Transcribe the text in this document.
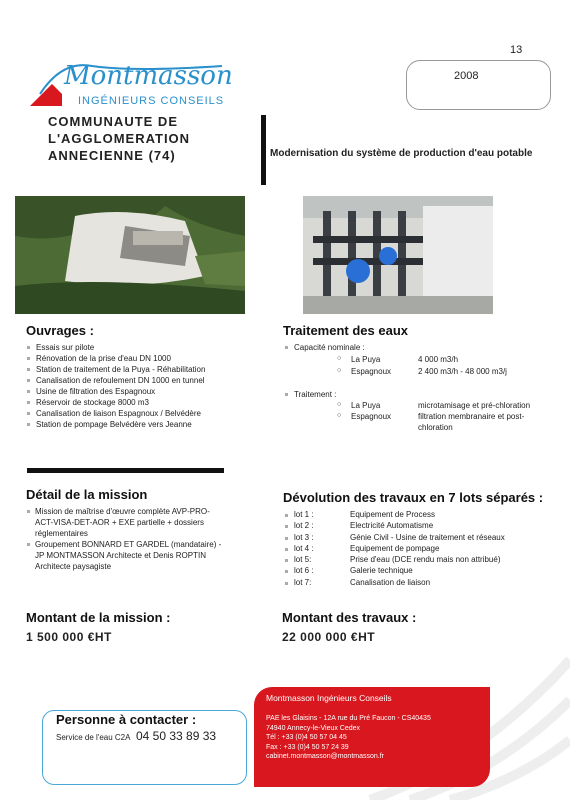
13
2008
Montmasson
INGÉNIEURS CONSEILS
COMMUNAUTE DE
L'AGGLOMERATION
ANNECIENNE (74)	Modernisation du système de production d'eau potable
Ouvrages :
Essais sur pilote
Rénovation de la prise d'eau DN 1000
Station de traitement de la Puya - Réhabilitation
Canalisation de refoulement DN 1000 en tunnel
Usine de filtration des Espagnoux
Réservoir de stockage 8000 m3
Canalisation de liaison Espagnoux / Belvédère
Station de pompage Belvédère vers Jeanne
Traitement des eaux
Capacité nominale :
○ La Puya	4 000 m3/h
○ Espagnoux	2 400 m3/h - 48 000 m3/j
Traitement :
○ La Puya	microtamisage et pré-chloration
○ Espagnoux	filtration membranaire et post-
chloration
Détail de la mission
Mission de maîtrise d'œuvre complète AVP-PRO-
ACT-VISA-DET-AOR + EXE partielle + dossiers
réglementaires
Groupement BONNARD ET GARDEL (mandataire) -
JP MONTMASSON Architecte et Denis ROPTIN
Architecte paysagiste
Dévolution des travaux en 7 lots séparés :
lot 1 :	Equipement de Process
lot 2 :	Electricité Automatisme
lot 3 :	Génie Civil - Usine de traitement et réseaux
lot 4 :	Equipement de pompage
lot 5:	Prise d'eau (DCE rendu mais non attribué)
lot 6 :	Galerie technique
lot 7:	Canalisation de liaison
Montant de la mission :
1 500 000 €HT
Montant des travaux :
22 000 000 €HT
Montmasson Ingénieurs Conseils
PAE les Glaisins - 12A rue du Pré Faucon - CS40435
74940 Annecy-le-Vieux Cedex
Tél : +33 (0)4 50 57 04 45
Fax : +33 (0)4 50 57 24 39
cabinet.montmasson@montmasson.fr
Personne à contacter :
Service de l'eau C2A 04 50 33 89 33
